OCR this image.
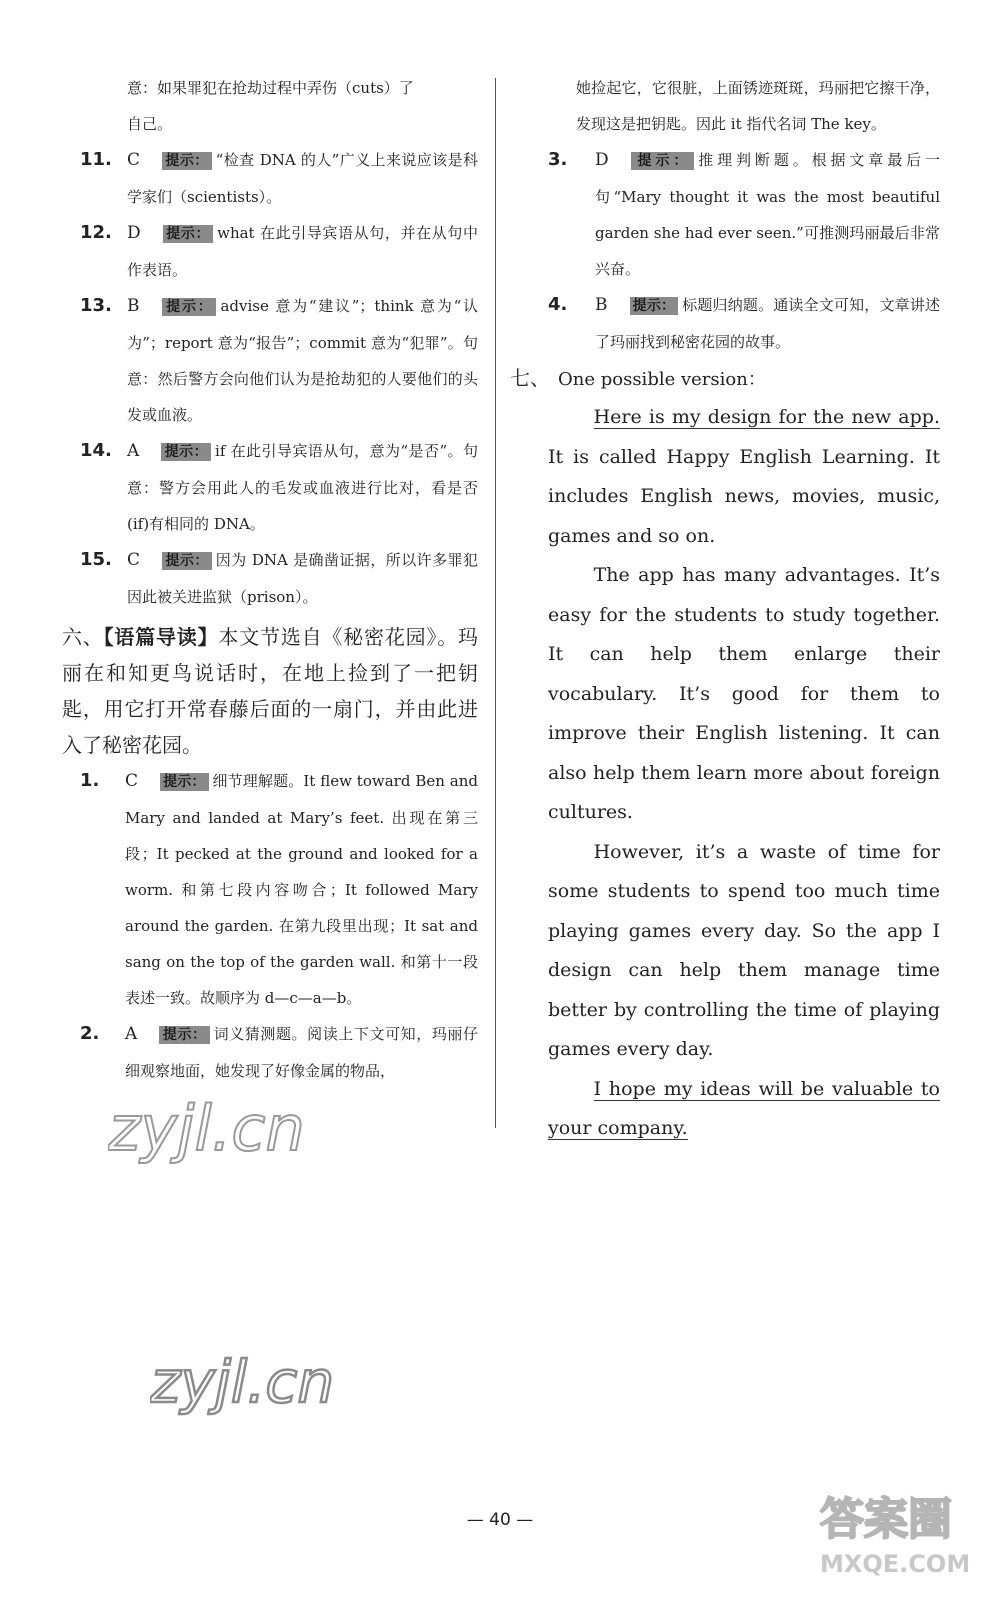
意：如果罪犯在抢劫过程中弄伤（cuts）了
自己。
11. C 提示： “检查 DNA 的人”广义上来说应该是科学家们（scientists）。
12. D 提示： what 在此引导宾语从句，并在从句中作表语。
13. B 提示： advise 意为“建议”；think 意为“认为”；report 意为“报告”；commit 意为“犯罪”。句意：然后警方会向他们认为是抢劫犯的人要他们的头发或血液。
14. A 提示： if 在此引导宾语从句，意为“是否”。句意：警方会用此人的毛发或血液进行比对，看是否(if)有相同的 DNA。
15. C 提示： 因为 DNA 是确凿证据，所以许多罪犯因此被关进监狱（prison）。
六、【语篇导读】本文节选自《秘密花园》。玛丽在和知更鸟说话时，在地上捡到了一把钥匙，用它打开常春藤后面的一扇门，并由此进入了秘密花园。
1. C 提示： 细节理解题。It flew toward Ben and Mary and landed at Mary’s feet. 出现在第三段；It pecked at the ground and looked for a worm. 和第七段内容吻合；It followed Mary around the garden. 在第九段里出现；It sat and sang on the top of the garden wall. 和第十一段表述一致。故顺序为 d—c—a—b。
2. A 提示： 词义猜测题。阅读上下文可知，玛丽仔细观察地面，她发现了好像金属的物品，
她捡起它，它很脏，上面锈迹斑斑，玛丽把它擦干净，发现这是把钥匙。因此 it 指代名词 The key。
3. D 提示： 推理判断题。根据文章最后一句“Mary thought it was the most beautiful garden she had ever seen.”可推测玛丽最后非常兴奋。
4. B 提示： 标题归纳题。通读全文可知，文章讲述了玛丽找到秘密花园的故事。
七、 One possible version：

Here is my design for the new app. It is called Happy English Learning. It includes English news, movies, music, games and so on.

The app has many advantages. It’s easy for the students to study together. It can help them enlarge their vocabulary. It’s good for them to improve their English listening. It can also help them learn more about foreign cultures.

However, it’s a waste of time for some students to spend too much time playing games every day. So the app I design can help them manage time better by controlling the time of playing games every day.

I hope my ideas will be valuable to your company.

zyjl.cn
zyjl.cn
答案圈
MXQE.COM
— 40 —
